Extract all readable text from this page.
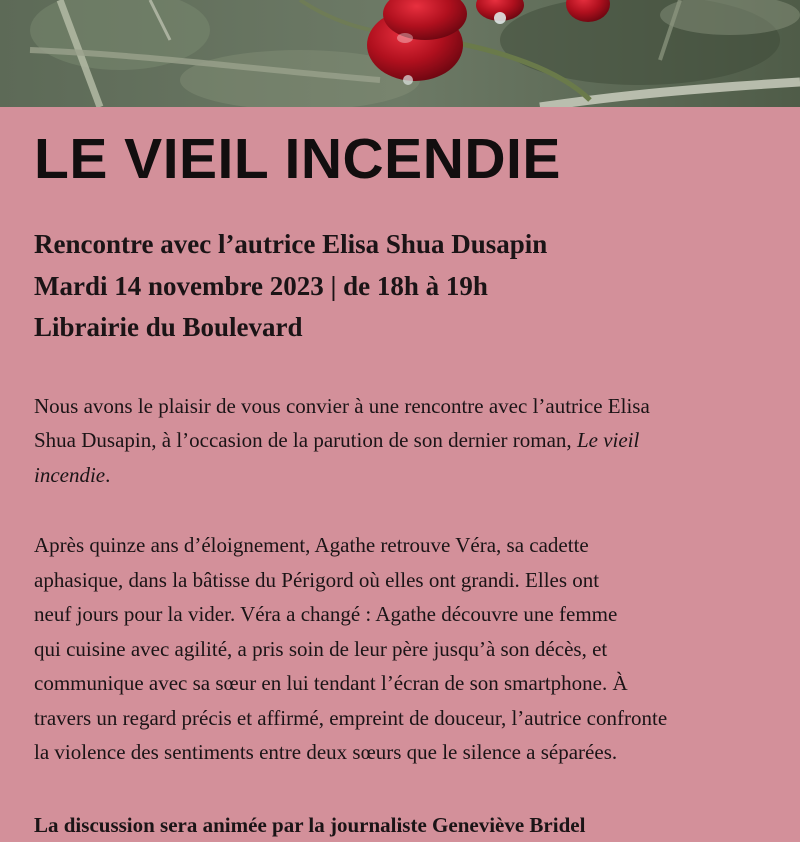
LE VIEIL INCENDIE
Rencontre avec l’autrice Elisa Shua Dusapin
Mardi 14 novembre 2023 | de 18h à 19h
Librairie du Boulevard

Nous avons le plaisir de vous convier à une rencontre avec l’autrice Elisa
Shua Dusapin, à l’occasion de la parution de son dernier roman, Le vieil
incendie.

Après quinze ans d’éloignement, Agathe retrouve Véra, sa cadette
aphasique, dans la bâtisse du Périgord où elles ont grandi. Elles ont
neuf jours pour la vider. Véra a changé : Agathe découvre une femme
qui cuisine avec agilité, a pris soin de leur père jusqu’à son décès, et
communique avec sa sœur en lui tendant l’écran de son smartphone. À
travers un regard précis et affirmé, empreint de douceur, l’autrice confronte
la violence des sentiments entre deux sœurs que le silence a séparées.

La discussion sera animée par la journaliste Geneviève Bridel
